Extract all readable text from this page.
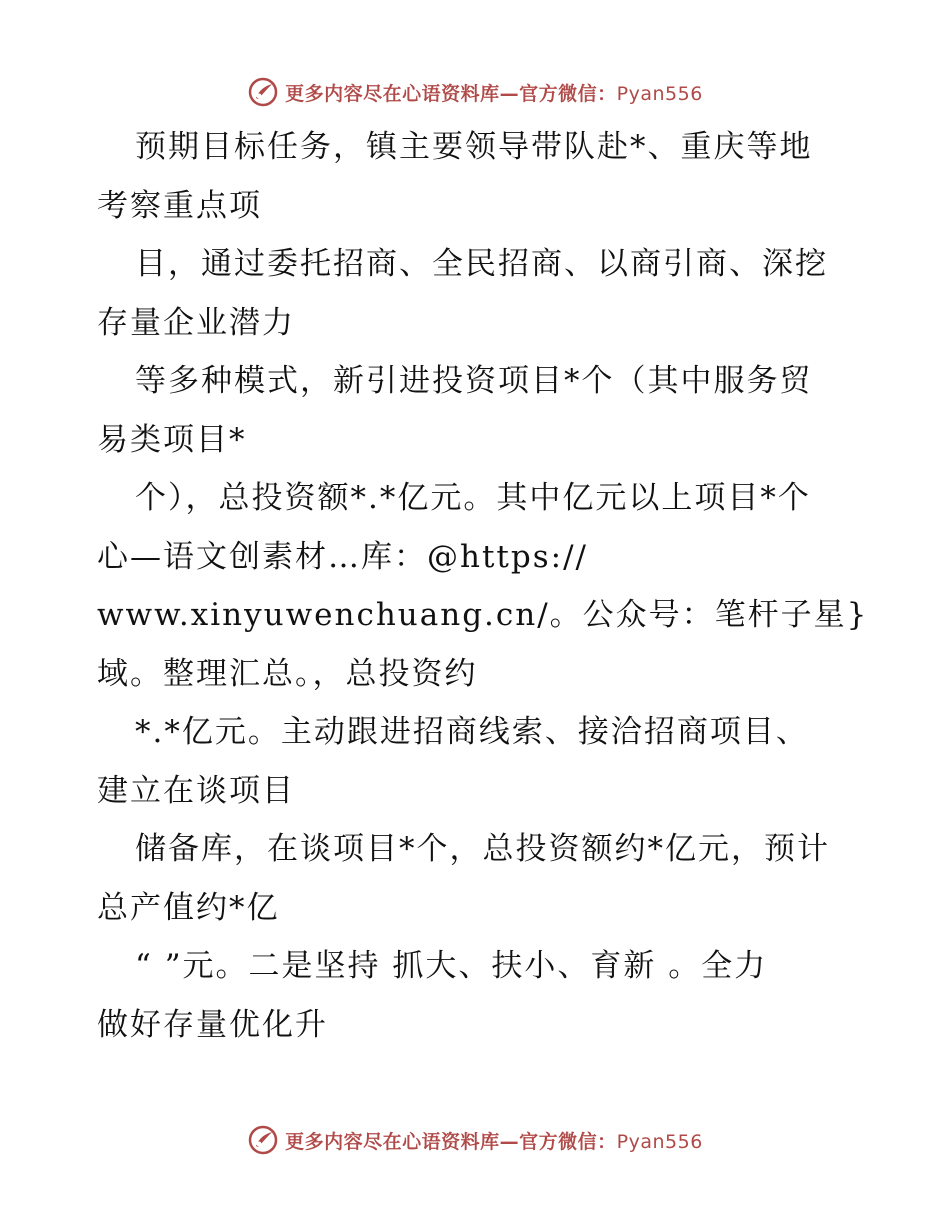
更多内容尽在心语资料库—官方微信：Pyan556
预期目标任务，镇主要领导带队赴*、重庆等地
考察重点项
目，通过委托招商、全民招商、以商引商、深挖
存量企业潜力
等多种模式，新引进投资项目*个（其中服务贸
易类项目*
个），总投资额*.*亿元。其中亿元以上项目*个
心—语文创素材…库：@https://
www.xinyuwenchuang.cn/。公众号：笔杆子星}
域。整理汇总。，总投资约
*.*亿元。主动跟进招商线索、接洽招商项目、
建立在谈项目
储备库，在谈项目*个，总投资额约*亿元，预计
总产值约*亿
“ ”元。二是坚持 抓大、扶小、育新 。全力
做好存量优化升
更多内容尽在心语资料库—官方微信：Pyan556
